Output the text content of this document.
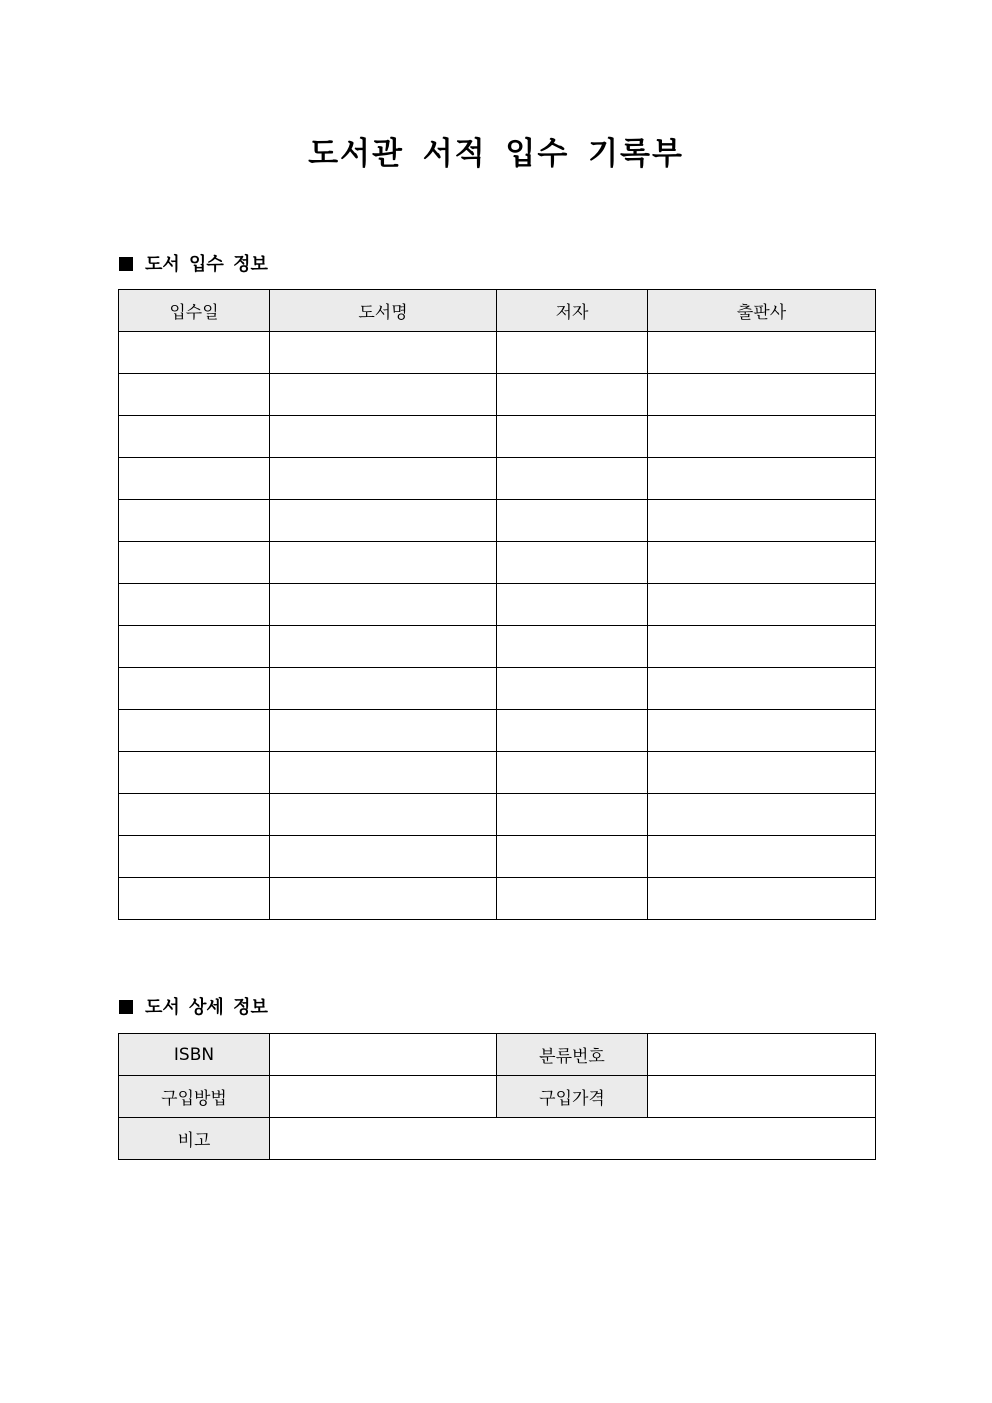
도서관 서적 입수 기록부
도서 입수 정보
입수일	도서명	저자	출판사

도서 상세 정보
ISBN		분류번호	
구입방법		구입가격	
비고			
